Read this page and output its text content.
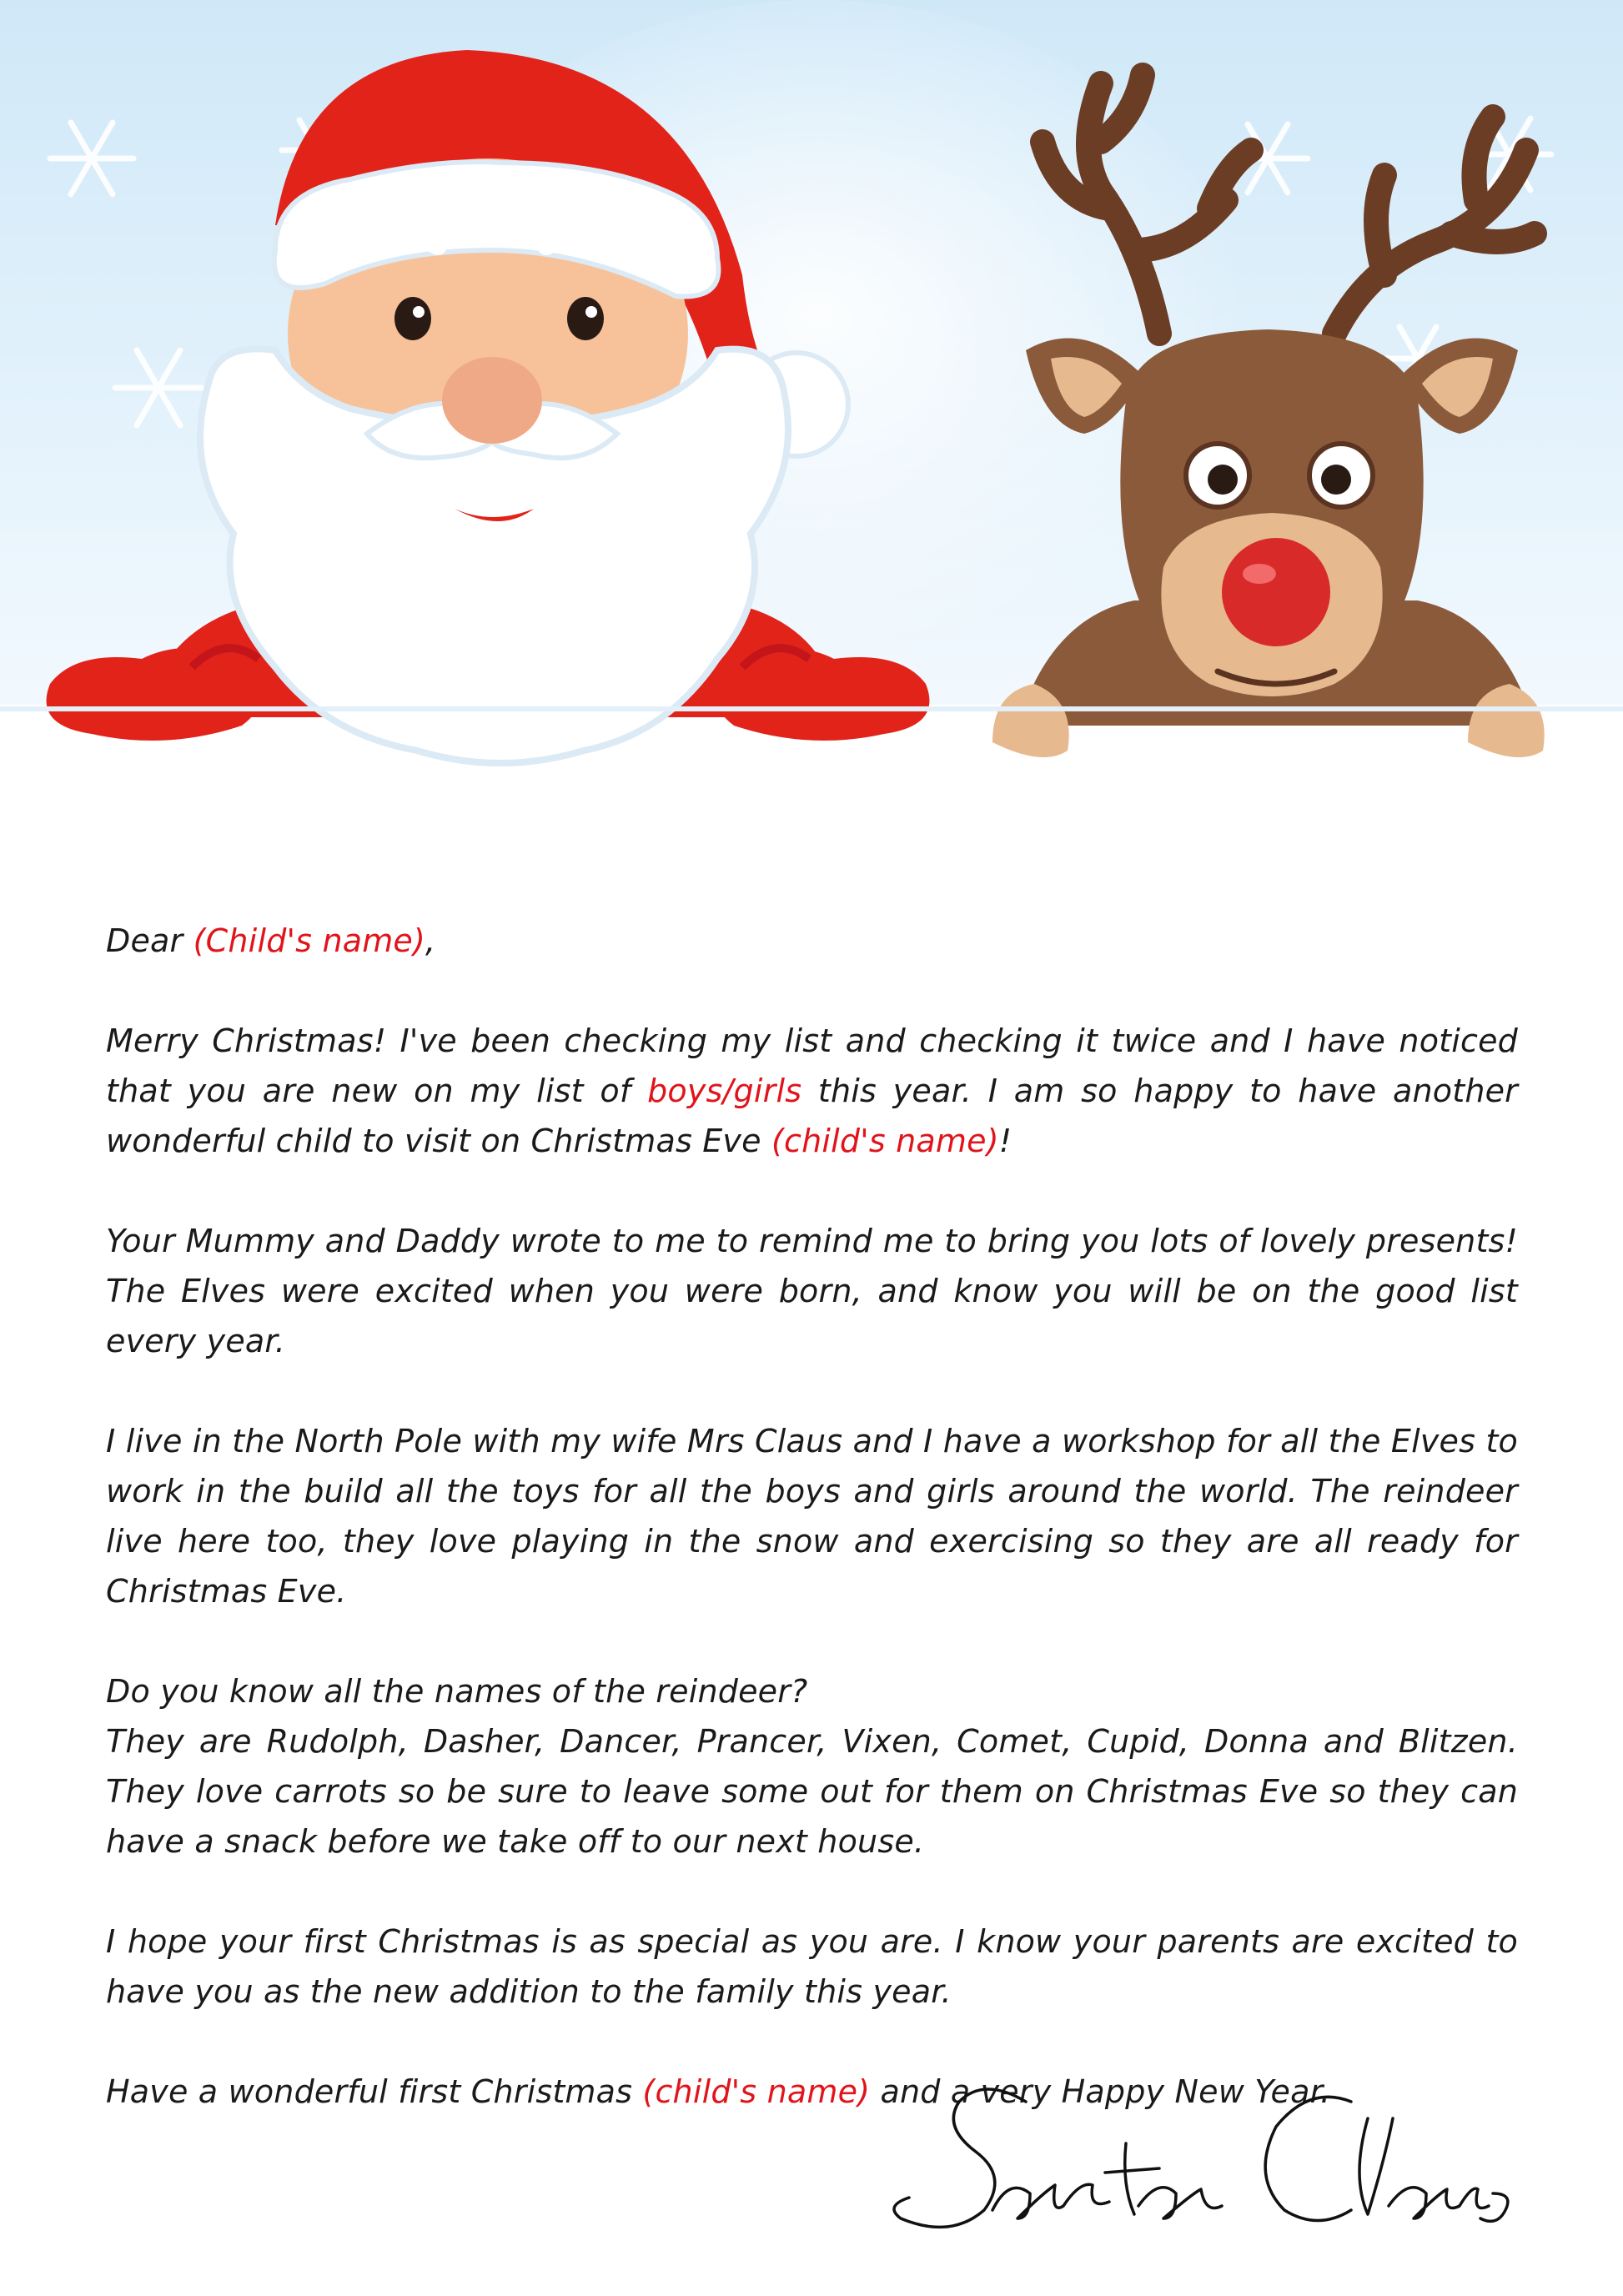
Dear (Child's name),

Merry Christmas! I've been checking my list and checking it twice and I have noticed that you are new on my list of boys/girls this year. I am so happy to have another wonderful child to visit on Christmas Eve (child's name)!

Your Mummy and Daddy wrote to me to remind me to bring you lots of lovely presents! The Elves were excited when you were born, and know you will be on the good list every year.

I live in the North Pole with my wife Mrs Claus and I have a workshop for all the Elves to work in the build all the toys for all the boys and girls around the world. The reindeer live here too, they love playing in the snow and exercising so they are all ready for Christmas Eve.

Do you know all the names of the reindeer?

They are Rudolph, Dasher, Dancer, Prancer, Vixen, Comet, Cupid, Donna and Blitzen. They love carrots so be sure to leave some out for them on Christmas Eve so they can have a snack before we take off to our next house.

I hope your first Christmas is as special as you are. I know your parents are excited to have you as the new addition to the family this year.

Have a wonderful first Christmas (child's name) and a very Happy New Year.
